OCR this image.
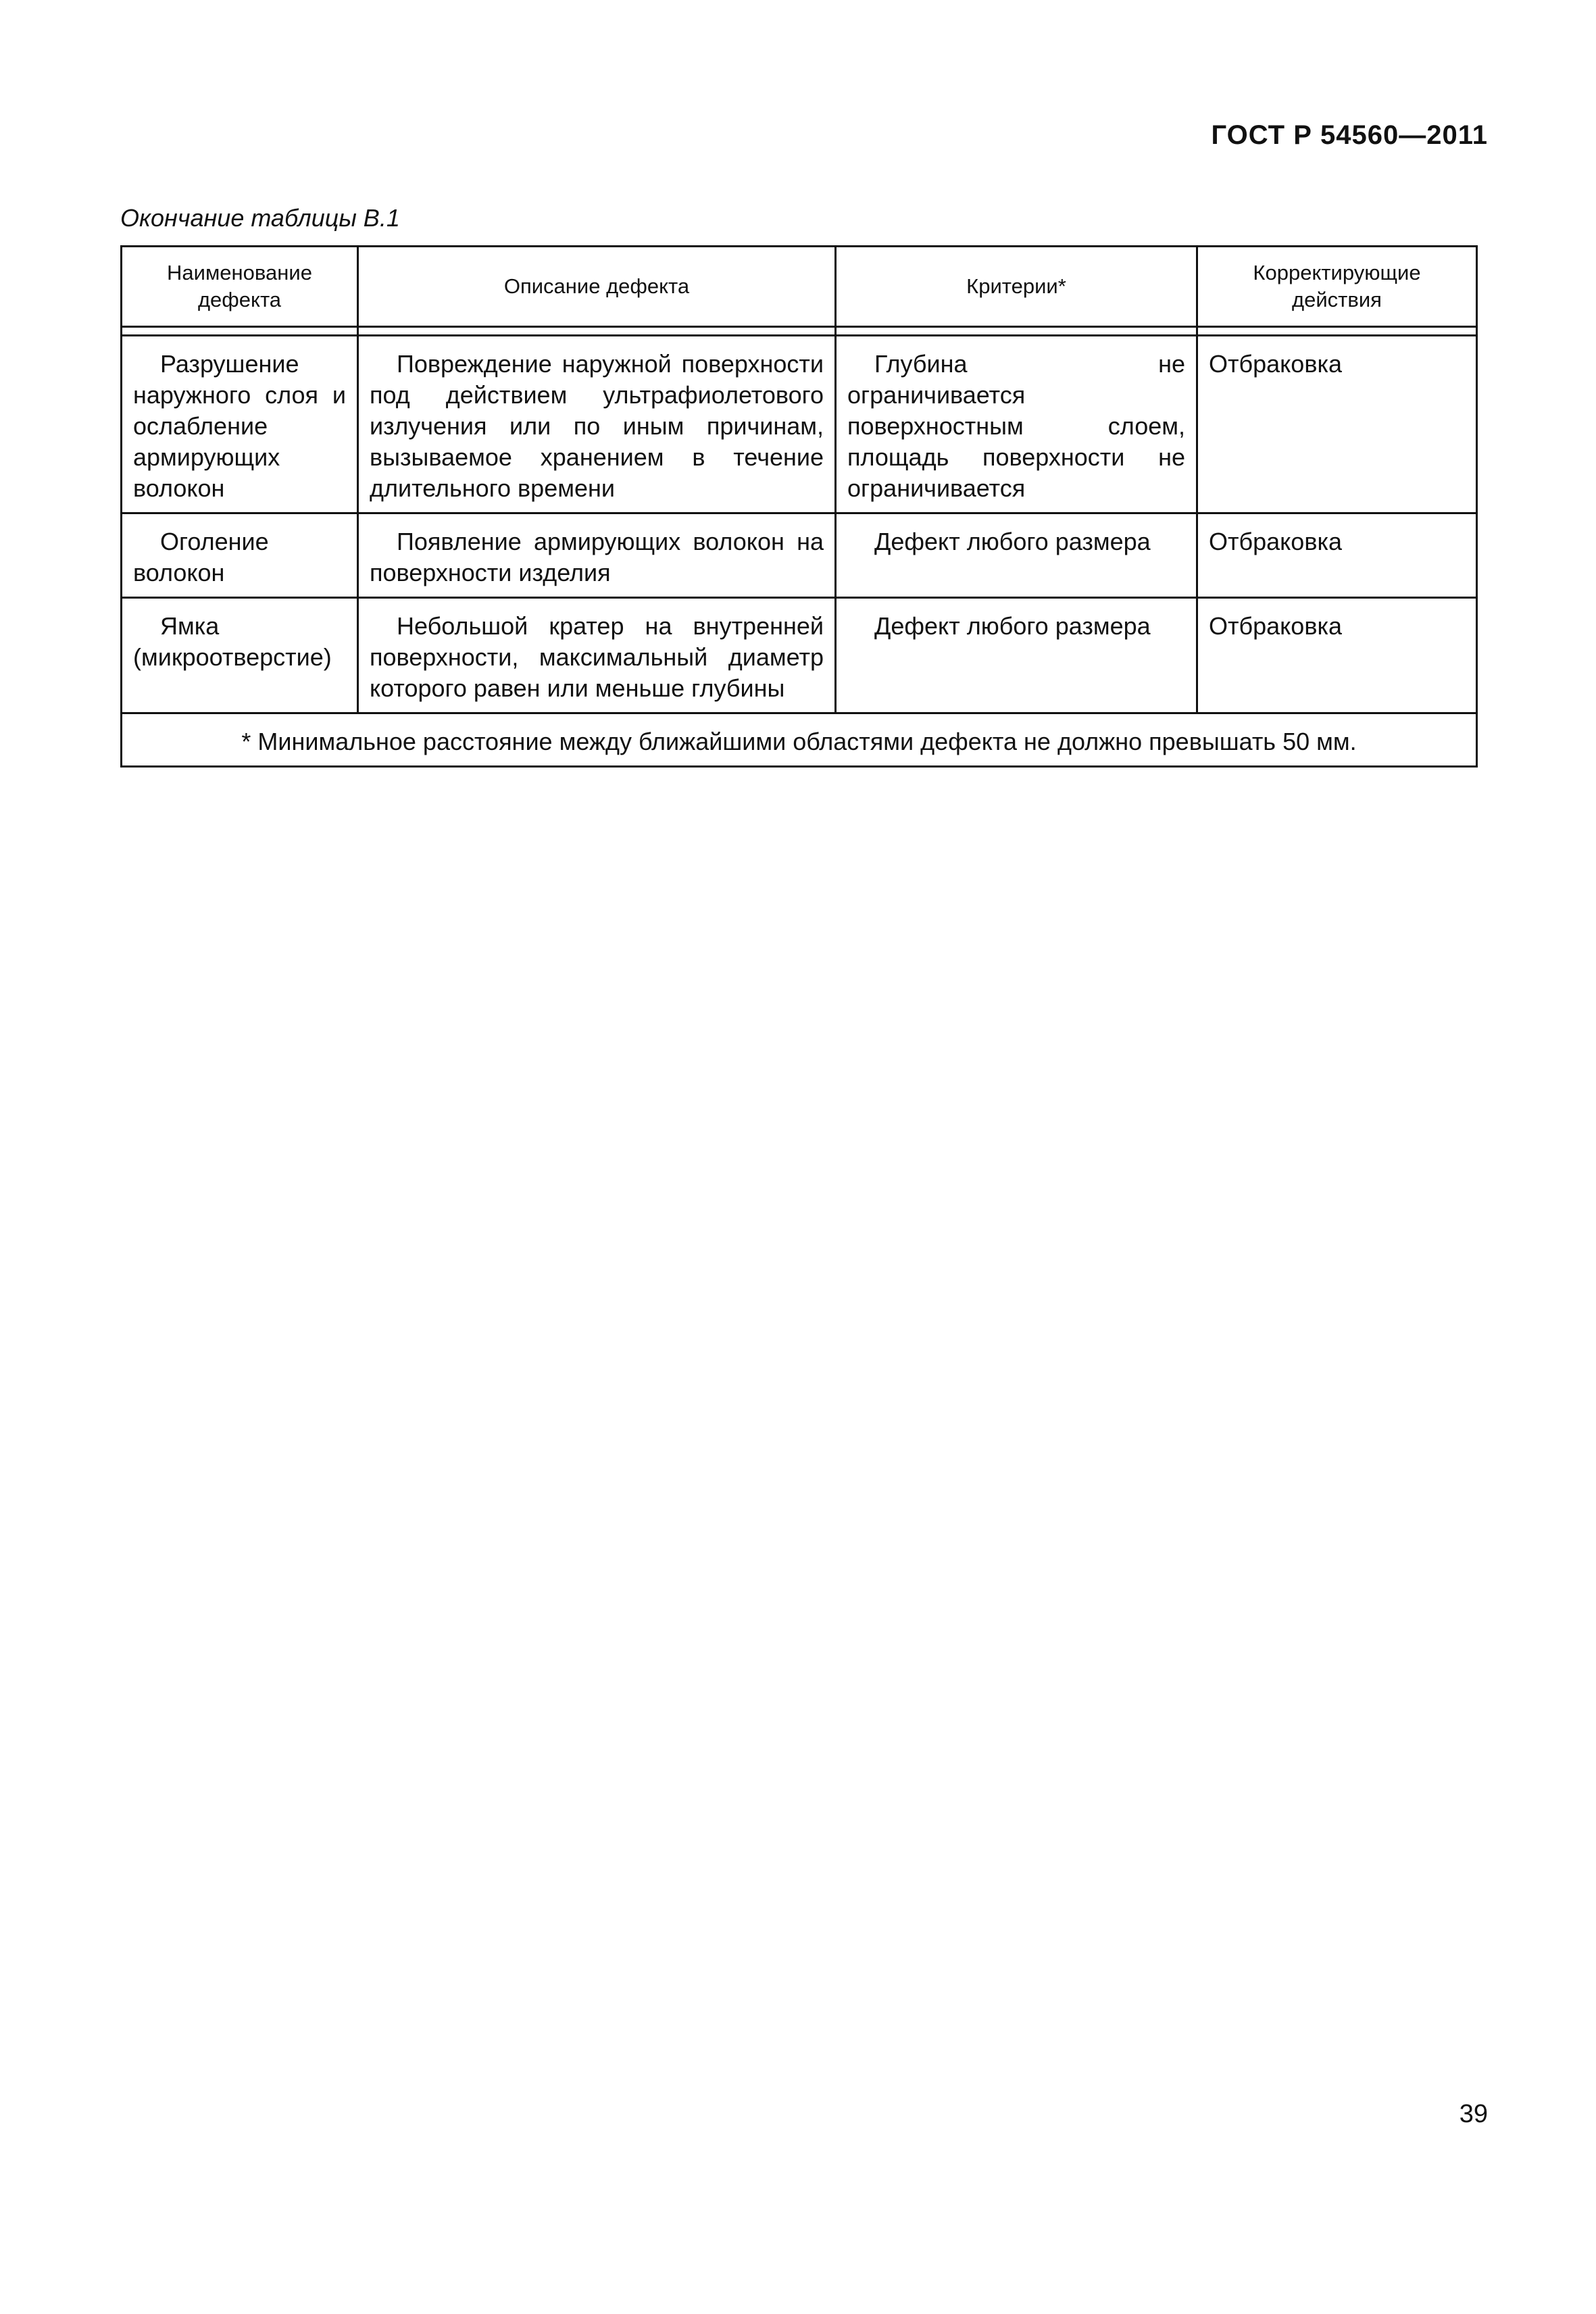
ГОСТ Р 54560—2011
Окончание таблицы В.1
Наименование дефекта	Описание дефекта	Критерии*	Корректирующие действия

Разрушение наружного слоя и ослабление армирующих волокон	Повреждение наружной поверхности под действием ультрафиолетового излучения или по иным причинам, вызываемое хранением в течение длительного времени	Глубина не ограничивается поверхностным слоем, площадь поверхности не ограничивается	Отбраковка
Оголение волокон	Появление армирующих волокон на поверхности изделия	Дефект любого размера	Отбраковка
Ямка (микроотверстие)	Небольшой кратер на внутренней поверхности, максимальный диаметр которого равен или меньше глубины	Дефект любого размера	Отбраковка
* Минимальное расстояние между ближайшими областями дефекта не должно превышать 50 мм.			
39
